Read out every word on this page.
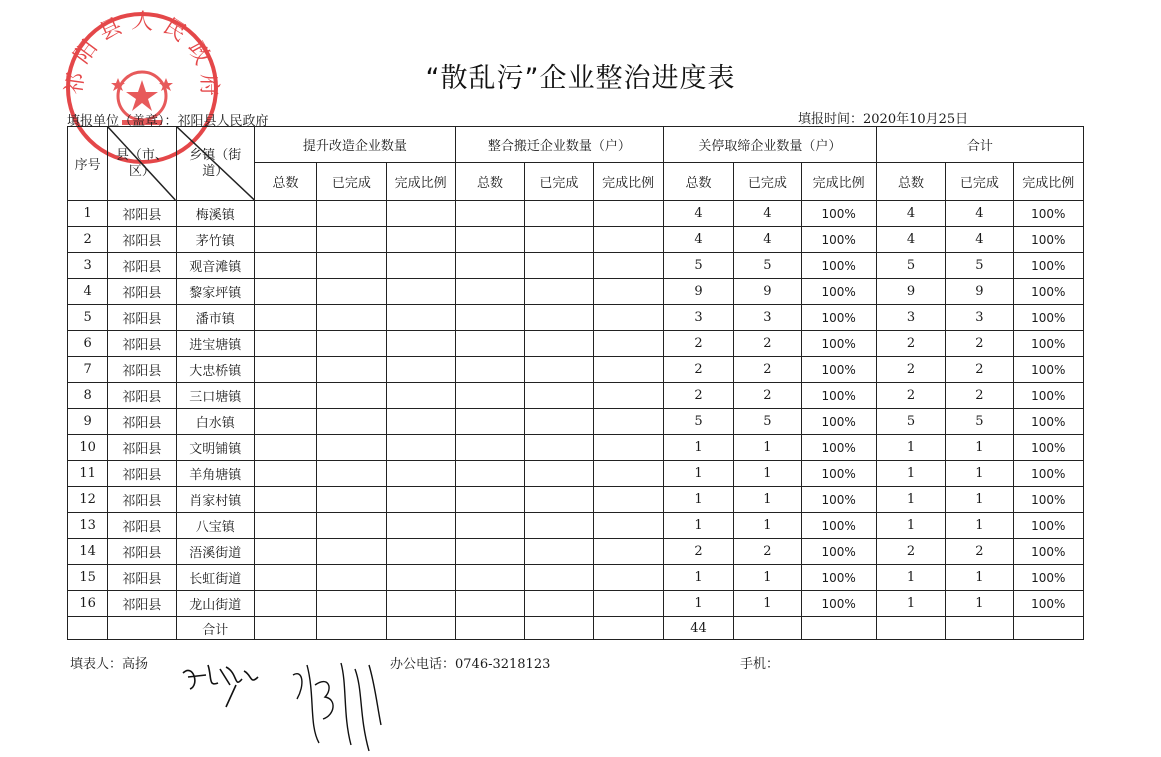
祁阳县人民政府	“散乱污”企业整治进度表
填报单位（盖章）：祁阳县人民政府	填报时间：2020年10月25日
序号	县（市、区）	乡镇（街道）	提升改造企业数量			整合搬迁企业数量（户）			关停取缔企业数量（户）			合计		
			总数	已完成	完成比例	总数	已完成	完成比例	总数	已完成	完成比例	总数	已完成	完成比例
1	祁阳县	梅溪镇							4	4	100%	4	4	100%
2	祁阳县	茅竹镇							4	4	100%	4	4	100%
3	祁阳县	观音滩镇							5	5	100%	5	5	100%
4	祁阳县	黎家坪镇							9	9	100%	9	9	100%
5	祁阳县	潘市镇							3	3	100%	3	3	100%
6	祁阳县	进宝塘镇							2	2	100%	2	2	100%
7	祁阳县	大忠桥镇							2	2	100%	2	2	100%
8	祁阳县	三口塘镇							2	2	100%	2	2	100%
9	祁阳县	白水镇							5	5	100%	5	5	100%
10	祁阳县	文明铺镇							1	1	100%	1	1	100%
11	祁阳县	羊角塘镇							1	1	100%	1	1	100%
12	祁阳县	肖家村镇							1	1	100%	1	1	100%
13	祁阳县	八宝镇							1	1	100%	1	1	100%
14	祁阳县	浯溪街道							2	2	100%	2	2	100%
15	祁阳县	长虹街道							1	1	100%	1	1	100%
16	祁阳县	龙山街道							1	1	100%	1	1	100%
		合计							44					
填表人：高扬	办公电话：0746-3218123	手机：
